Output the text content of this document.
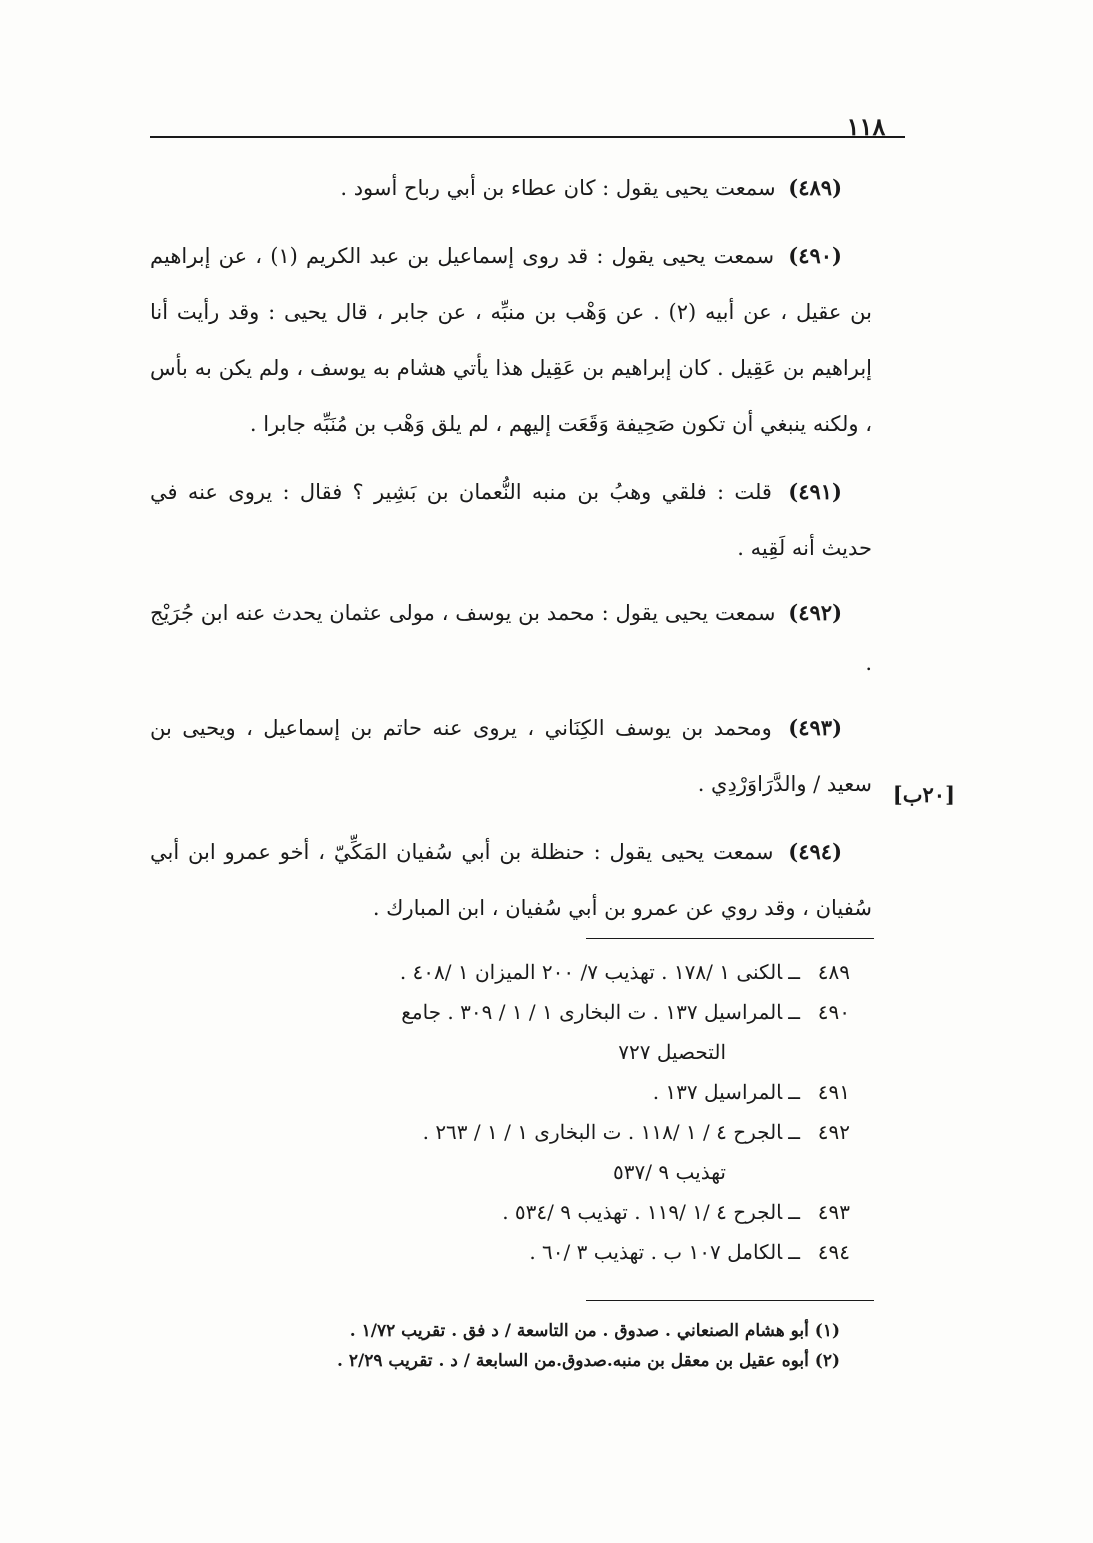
١١٨

(٤٨٩) سمعت يحيى يقول : كان عطاء بن أبي رباح أسود .

(٤٩٠) سمعت يحيى يقول : قد روى إسماعيل بن عبد الكريم (١) ، عن إبراهيم بن عقيل ، عن أبيه (٢) . عن وَهْب بن منبِّه ، عن جابر ، قال يحيى : وقد رأيت أنا إبراهيم بن عَقِيل . كان إبراهيم بن عَقِيل هذا يأتي هشام به يوسف ، ولم يكن به بأس ، ولكنه ينبغي أن تكون صَحِيفة وَقَعَت إليهم ، لم يلق وَهْب بن مُنَبِّه جابرا .

(٤٩١) قلت : فلقي وهبُ بن منبه النُّعمان بن بَشِير ؟ فقال : يروى عنه في حديث أنه لَقِيه .

(٤٩٢) سمعت يحيى يقول : محمد بن يوسف ، مولى عثمان يحدث عنه ابن جُرَيْج .

(٤٩٣) ومحمد بن يوسف الكِنَاني ، يروى عنه حاتم بن إسماعيل ، ويحيى بن سعيد / والدَّرَاوَرْدِي .

(٤٩٤) سمعت يحيى يقول : حنظلة بن أبي سُفيان المَكِّيّ ، أخو عمرو ابن أبي سُفيان ، وقد روي عن عمرو بن أبي سُفيان ، ابن المبارك .

[٢٠ب]

٤٨٩ــالكنى ١ /١٧٨ . تهذيب ٧/ ٢٠٠ الميزان ١ /٤٠٨ .

٤٩٠ــالمراسيل ١٣٧ . ت البخارى ١ / ١ / ٣٠٩ . جامع
التحصيل ٧٢٧

٤٩١ــالمراسيل ١٣٧ .

٤٩٢ــالجرح ٤ / ١ /١١٨ . ت البخارى ١ / ١ / ٢٦٣ .
تهذيب ٩ /٥٣٧

٤٩٣ــالجرح ٤ /١ /١١٩ . تهذيب ٩ /٥٣٤ .

٤٩٤ــالكامل ١٠٧ ب . تهذيب ٣ /٦٠ .

(١) أبو هشام الصنعاني . صدوق . من التاسعة / د فق . تقريب ١/٧٢ .

(٢) أبوه عقيل بن معقل بن منبه.صدوق.من السابعة / د . تقريب ٢/٢٩ .
